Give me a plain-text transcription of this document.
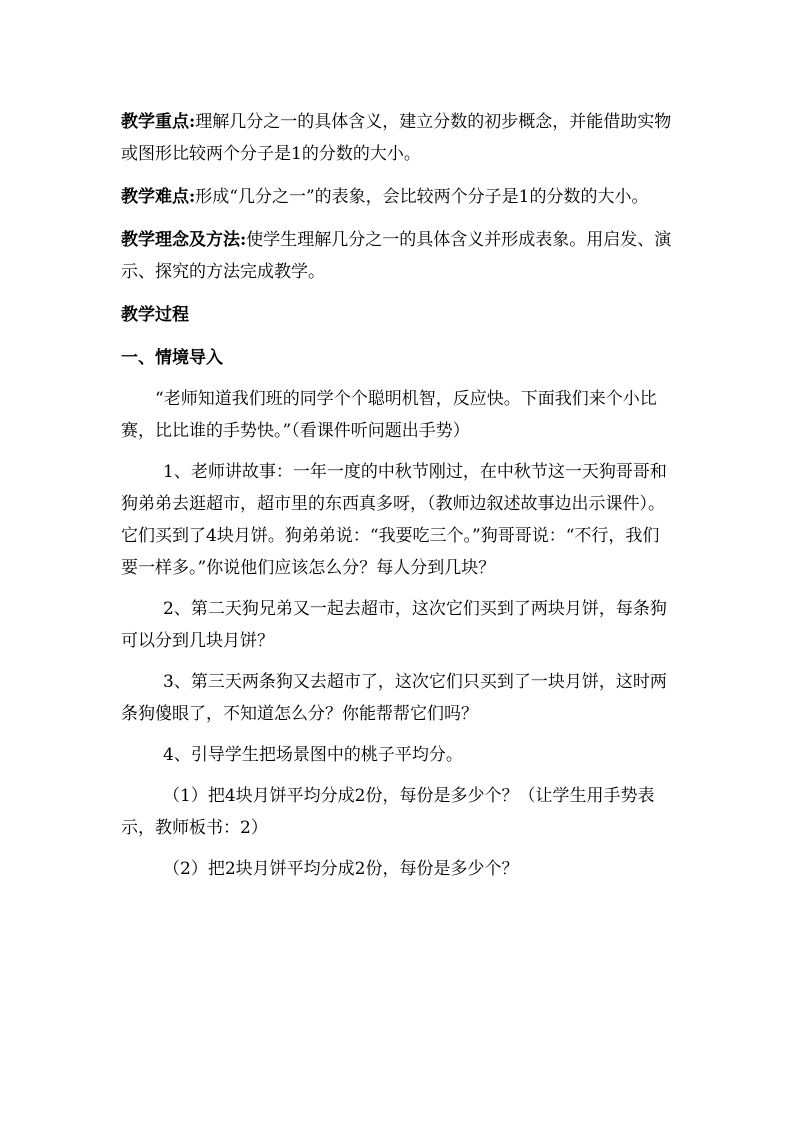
教学重点:理解几分之一的具体含义，建立分数的初步概念，并能借助实物或图形比较两个分子是1的分数的大小。

教学难点:形成“几分之一”的表象，会比较两个分子是1的分数的大小。

教学理念及方法:使学生理解几分之一的具体含义并形成表象。用启发、演示、探究的方法完成教学。

教学过程

一、情境导入

“老师知道我们班的同学个个聪明机智，反应快。下面我们来个小比赛，比比谁的手势快。”（看课件听问题出手势）

1、老师讲故事：一年一度的中秋节刚过，在中秋节这一天狗哥哥和狗弟弟去逛超市，超市里的东西真多呀，（教师边叙述故事边出示课件）。它们买到了4块月饼。狗弟弟说：“我要吃三个。”狗哥哥说：“不行，我们要一样多。”你说他们应该怎么分？每人分到几块？

2、第二天狗兄弟又一起去超市，这次它们买到了两块月饼，每条狗可以分到几块月饼？

3、第三天两条狗又去超市了，这次它们只买到了一块月饼，这时两条狗傻眼了，不知道怎么分？你能帮帮它们吗？

4、引导学生把场景图中的桃子平均分。

（1）把4块月饼平均分成2份，每份是多少个？（让学生用手势表示，教师板书：2）

（2）把2块月饼平均分成2份，每份是多少个？
